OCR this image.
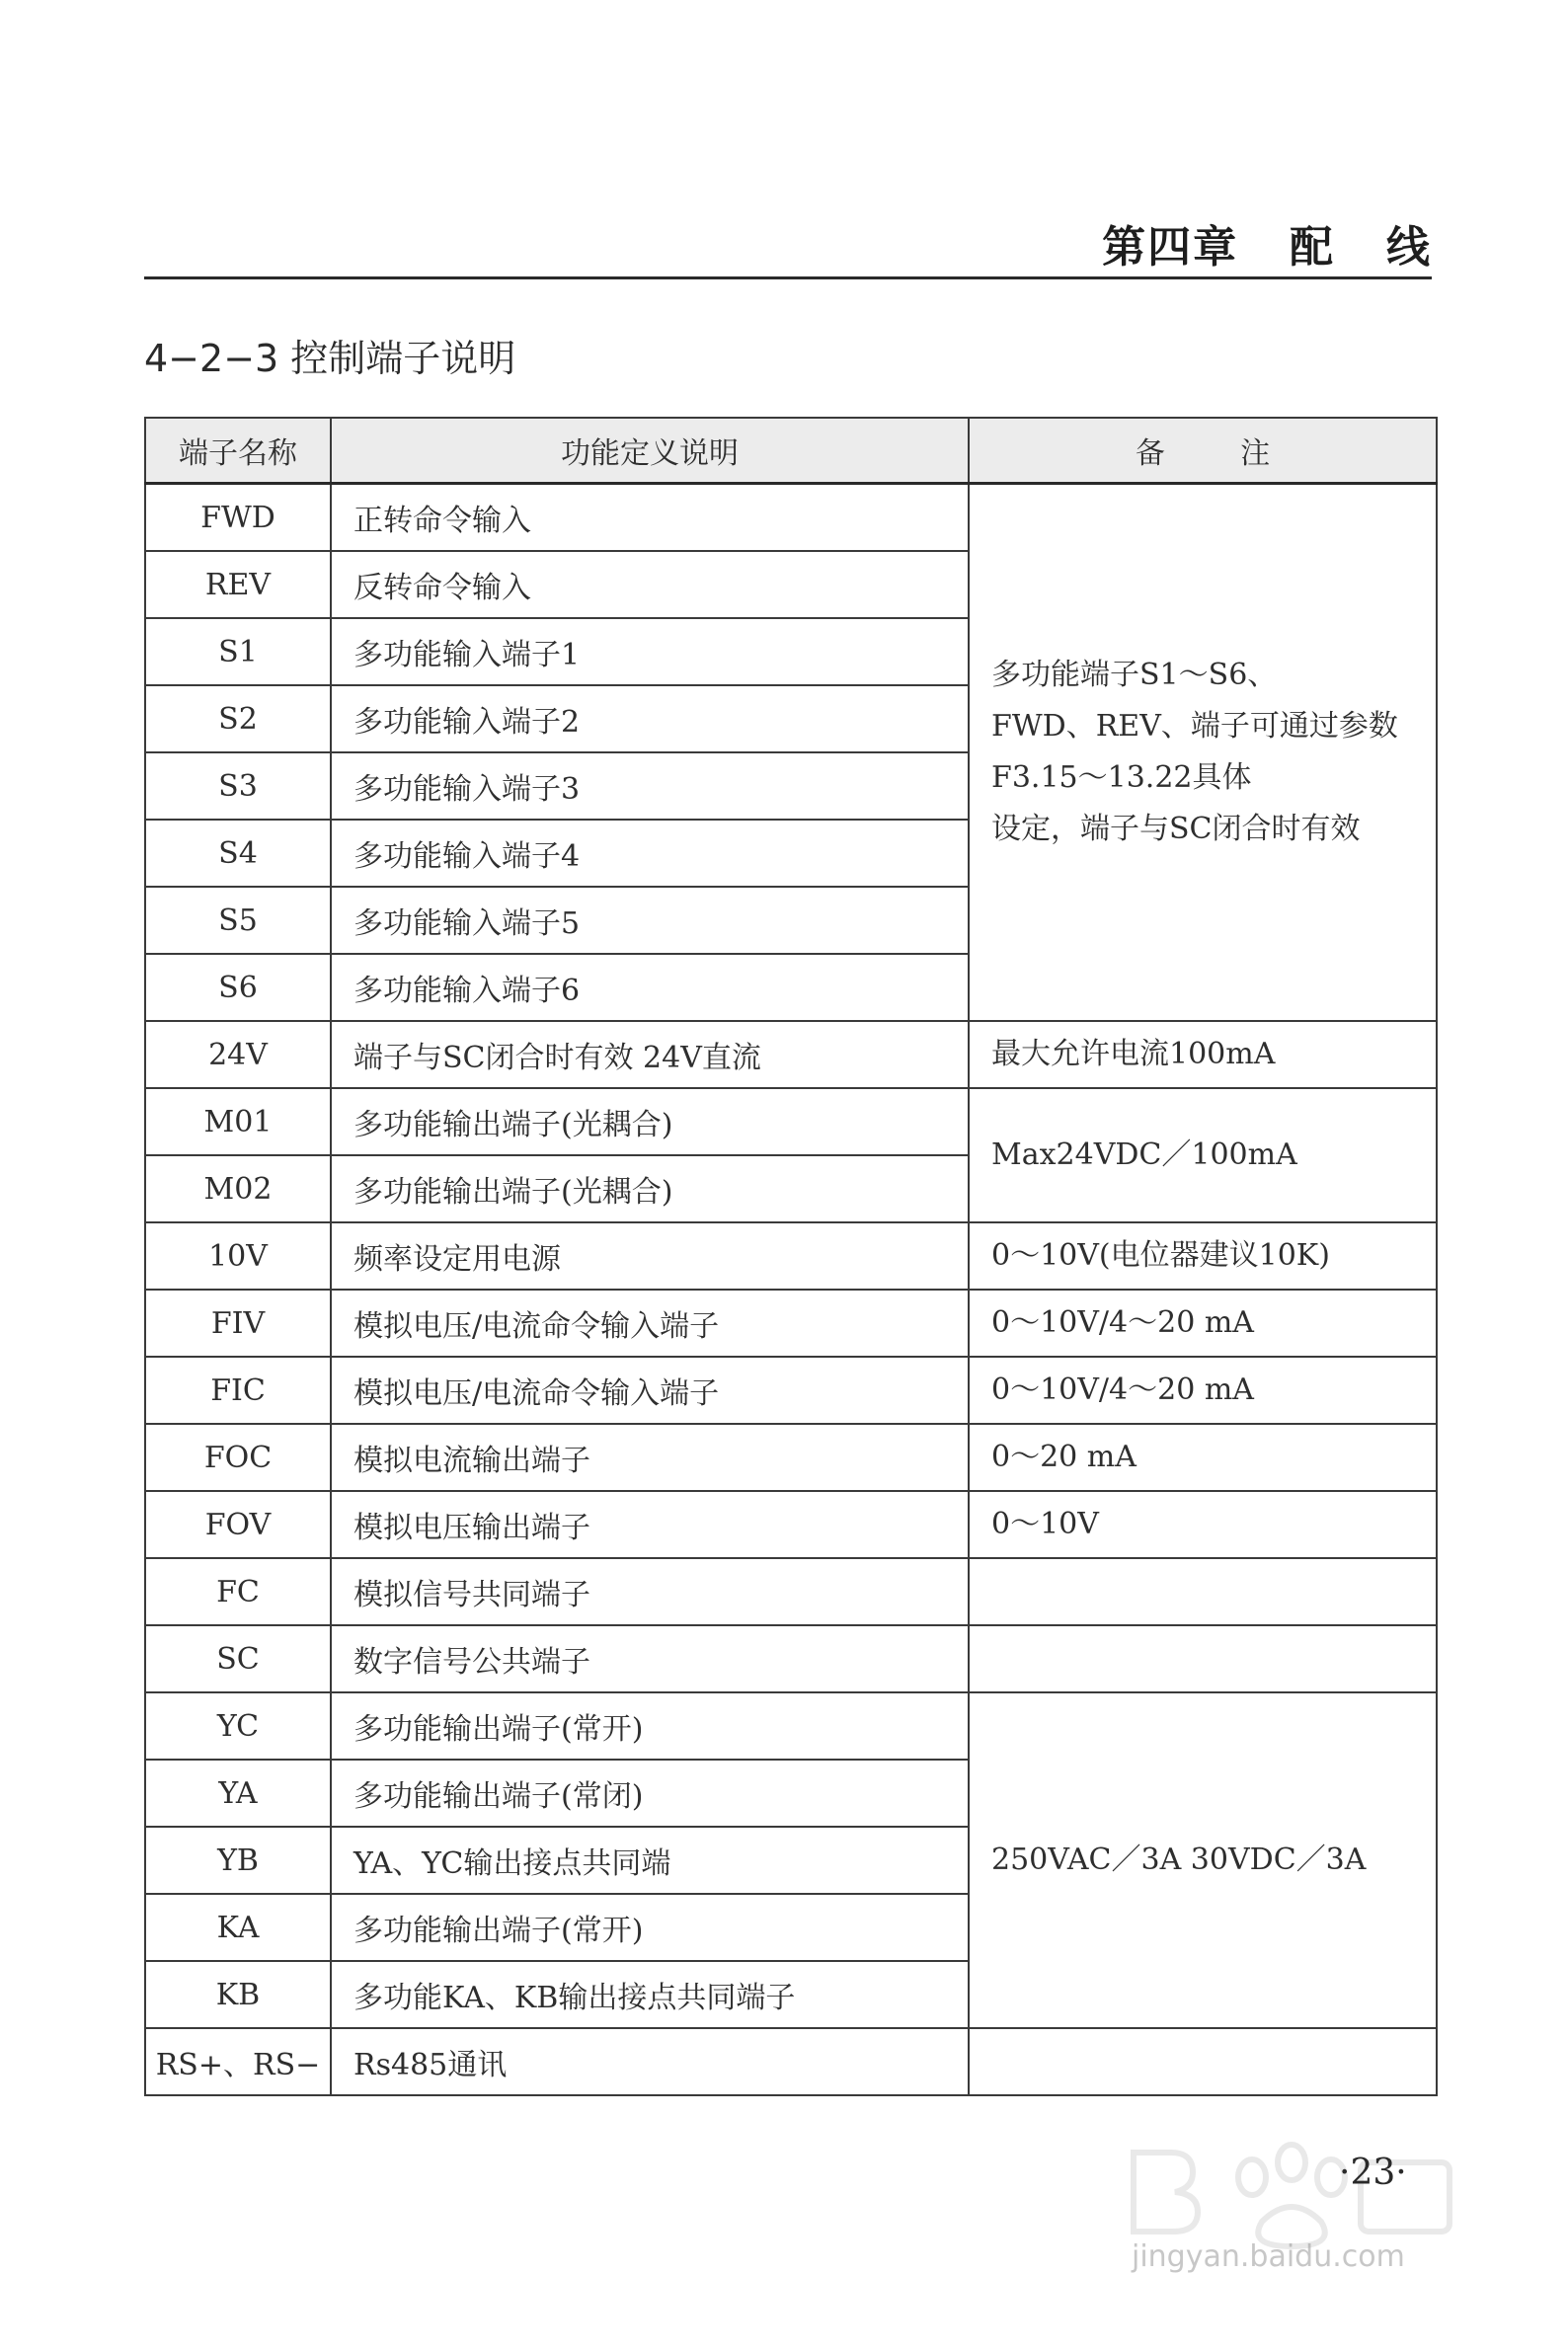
第四章   配   线
4−2−3 控制端子说明
端子名称	功能定义说明	备        注
FWD	正转命令输入	多功能端子S1～S6、
FWD、REV、端子可通过参数
F3.15～13.22具体
设定，端子与SC闭合时有效

REV	反转命令输入	
S1	多功能输入端子1	
S2	多功能输入端子2	
S3	多功能输入端子3	
S4	多功能输入端子4	
S5	多功能输入端子5	
S6	多功能输入端子6	
24V	端子与SC闭合时有效 24V直流	最大允许电流100mA
M01	多功能输出端子(光耦合)	Max24VDC／100mA
M02	多功能输出端子(光耦合)	
10V	频率设定用电源	0～10V(电位器建议10K)
FIV	模拟电压/电流命令输入端子	0～10V/4～20 mA
FIC	模拟电压/电流命令输入端子	0～10V/4～20 mA
FOC	模拟电流输出端子	0～20 mA
FOV	模拟电压输出端子	0～10V
FC	模拟信号共同端子	
SC	数字信号公共端子	
YC	多功能输出端子(常开)	250VAC／3A 30VDC／3A
YA	多功能输出端子(常闭)	
YB	YA、YC输出接点共同端	
KA	多功能输出端子(常开)	
KB	多功能KA、KB输出接点共同端子	
RS+、RS−	Rs485通讯	
jingyan.baidu.com
·23·
